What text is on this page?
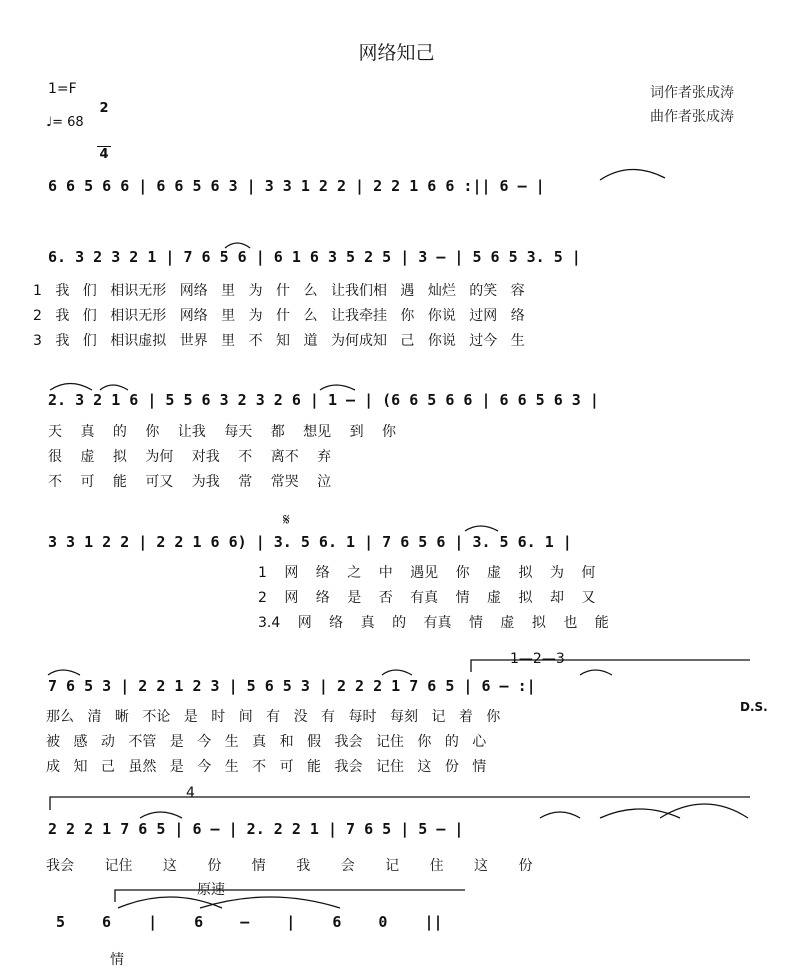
网络知己
1=F

2

4

♩= 68
词作者张成涛
曲作者张成涛
6 6 5 6 6 | 6 6 5 6 3 | 3 3 1 2 2 | 2 2 1 6 6 :|| 6 – |
6. 3 2 3 2 1 | 7 6 5 6 | 6 1 6 3 5 2 5 | 3 – | 5 6 5 3. 5 |
1 我 们 相识无形 网络 里 为 什 么 让我们相 遇 灿烂 的笑 容
2 我 们 相识无形 网络 里 为 什 么 让我牵挂 你 你说 过网 络
3 我 们 相识虚拟 世界 里 不 知 道 为何成知 己 你说 过今 生
2. 3 2 1 6 | 5 5 6 3 2 3 2 6 | 1 – | (6 6 5 6 6 | 6 6 5 6 3 |
天 真 的 你 让我 每天 都 想见 到 你
很 虚 拟 为何 对我 不 离不 弃
不 可 能 可又 为我 常 常哭 泣
𝄋
3 3 1 2 2 | 2 2 1 6 6) | 3. 5 6. 1 | 7 6 5 6 | 3. 5 6. 1 |
1 网 络 之 中 遇见 你 虚 拟 为 何
2 网 络 是 否 有真 情 虚 拟 却 又
3.4 网 络 真 的 有真 情 虚 拟 也 能
1—2—3
7 6 5 3 | 2 2 1 2 3 | 5 6 5 3 | 2 2 2 1 7 6 5 | 6 – :|
D.S.
那么 清 晰 不论 是 时 间 有 没 有 每时 每刻 记 着 你
被 感 动 不管 是 今 生 真 和 假 我会 记住 你 的 心
成 知 己 虽然 是 今 生 不 可 能 我会 记住 这 份 情
4
2 2 2 1 7 6 5 | 6 – | 2. 2 2 1 | 7 6 5 | 5 – |
我会 记住 这 份 情 我 会 记 住 这 份
原速
5 6 | 6 – | 6 0 ||
情
